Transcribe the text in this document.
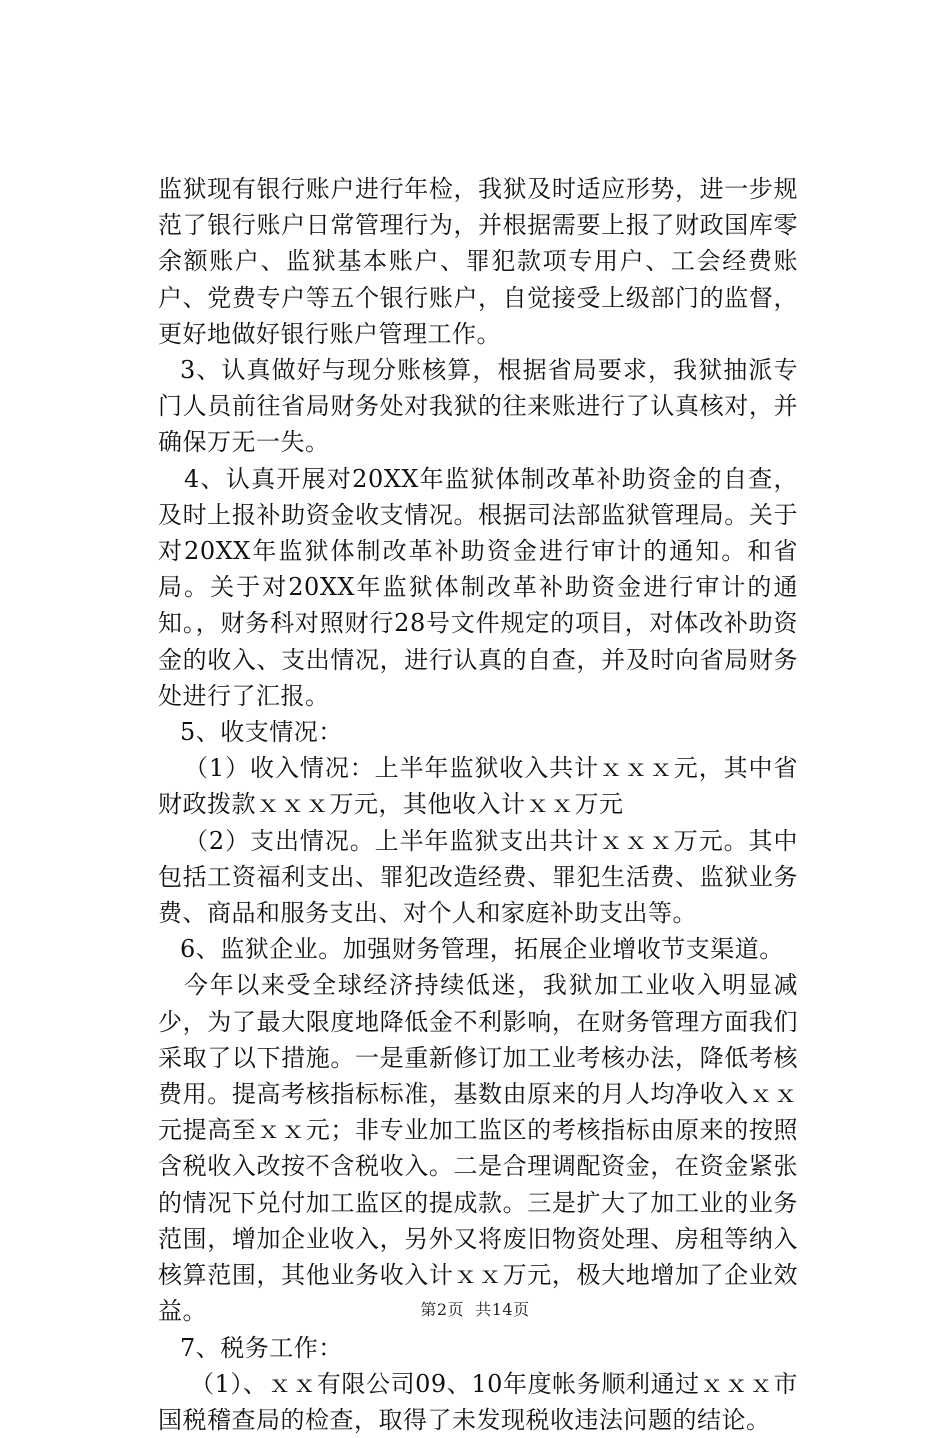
监狱现有银行账户进行年检，我狱及时适应形势，进一步规范了银行账户日常管理行为，并根据需要上报了财政国库零余额账户、监狱基本账户、罪犯款项专用户、工会经费账户、党费专户等五个银行账户，自觉接受上级部门的监督，更好地做好银行账户管理工作。

3、认真做好与现分账核算，根据省局要求，我狱抽派专门人员前往省局财务处对我狱的往来账进行了认真核对，并确保万无一失。

4、认真开展对20XX年监狱体制改革补助资金的自查，及时上报补助资金收支情况。根据司法部监狱管理局。关于对20XX年监狱体制改革补助资金进行审计的通知。和省局。关于对20XX年监狱体制改革补助资金进行审计的通知。，财务科对照财行28号文件规定的项目，对体改补助资金的收入、支出情况，进行认真的自查，并及时向省局财务处进行了汇报。

5、收支情况：

（1）收入情况：上半年监狱收入共计ｘｘｘ元，其中省财政拨款ｘｘｘ万元，其他收入计ｘｘ万元

（2）支出情况。上半年监狱支出共计ｘｘｘ万元。其中包括工资福利支出、罪犯改造经费、罪犯生活费、监狱业务费、商品和服务支出、对个人和家庭补助支出等。

6、监狱企业。加强财务管理，拓展企业增收节支渠道。

今年以来受全球经济持续低迷，我狱加工业收入明显减少，为了最大限度地降低金不利影响，在财务管理方面我们采取了以下措施。一是重新修订加工业考核办法，降低考核费用。提高考核指标标准，基数由原来的月人均净收入ｘｘ元提高至ｘｘ元；非专业加工监区的考核指标由原来的按照含税收入改按不含税收入。二是合理调配资金，在资金紧张的情况下兑付加工监区的提成款。三是扩大了加工业的业务范围，增加企业收入，另外又将废旧物资处理、房租等纳入核算范围，其他业务收入计ｘｘ万元，极大地增加了企业效益。

7、税务工作：

（1）、ｘｘ有限公司09、10年度帐务顺利通过ｘｘｘ市国税稽查局的检查，取得了未发现税收违法问题的结论。

第2页 共14页
